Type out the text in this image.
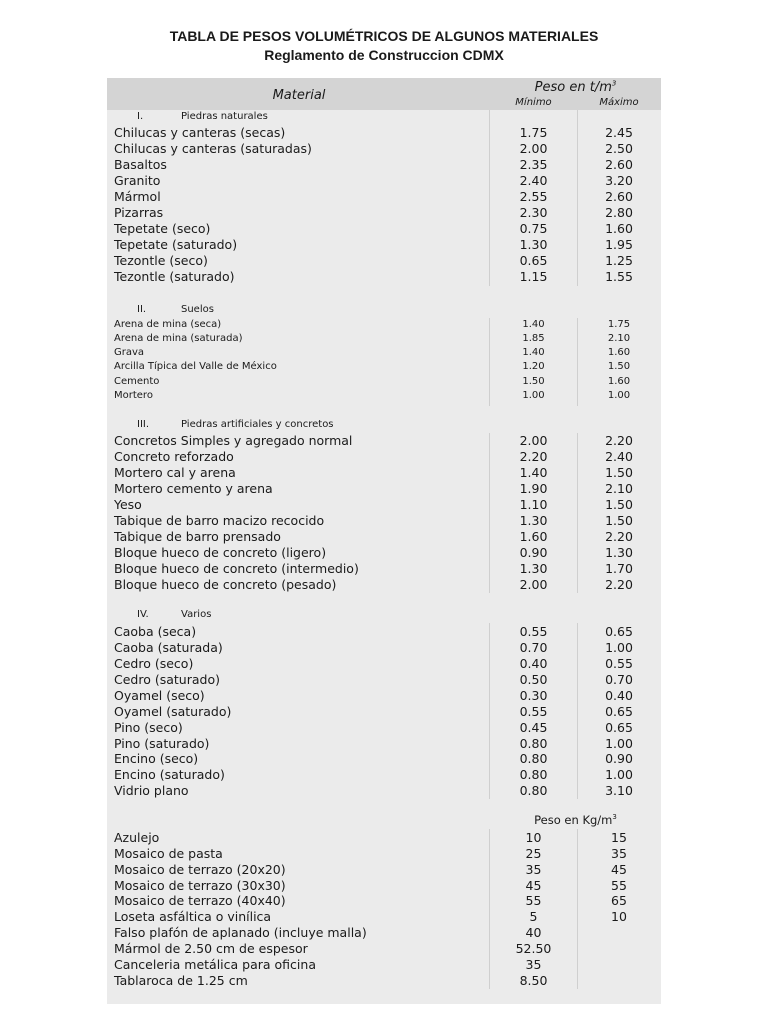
TABLA DE PESOS VOLUMÉTRICOS DE ALGUNOS MATERIALES
Reglamento de Construccion CDMX
Material
Peso en $t/m^3$
Mínimo	Máximo
I.	Piedras naturales
Chilucas y canteras (secas)	1.75	2.45
Chilucas y canteras (saturadas)	2.00	2.50
Basaltos	2.35	2.60
Granito	2.40	3.20
Mármol	2.55	2.60
Pizarras	2.30	2.80
Tepetate (seco)	0.75	1.60
Tepetate (saturado)	1.30	1.95
Tezontle (seco)	0.65	1.25
Tezontle (saturado)	1.15	1.55
II.	Suelos
Arena de mina (seca)	1.40	1.75
Arena de mina (saturada)	1.85	2.10
Grava	1.40	1.60
Arcilla Típica del Valle de México	1.20	1.50
Cemento	1.50	1.60
Mortero	1.00	1.00
III.	Piedras artificiales y concretos
Concretos Simples y agregado normal	2.00	2.20
Concreto reforzado	2.20	2.40
Mortero cal y arena	1.40	1.50
Mortero cemento y arena	1.90	2.10
Yeso	1.10	1.50
Tabique de barro macizo recocido	1.30	1.50
Tabique de barro prensado	1.60	2.20
Bloque hueco de concreto (ligero)	0.90	1.30
Bloque hueco de concreto (intermedio)	1.30	1.70
Bloque hueco de concreto (pesado)	2.00	2.20
IV.	Varios
Caoba (seca)	0.55	0.65
Caoba (saturada)	0.70	1.00
Cedro (seco)	0.40	0.55
Cedro (saturado)	0.50	0.70
Oyamel (seco)	0.30	0.40
Oyamel (saturado)	0.55	0.65
Pino (seco)	0.45	0.65
Pino (saturado)	0.80	1.00
Encino (seco)	0.80	0.90
Encino (saturado)	0.80	1.00
Vidrio plano	0.80	3.10
Peso en $Kg/m^3$
Azulejo	10	15
Mosaico de pasta	25	35
Mosaico de terrazo (20x20)	35	45
Mosaico de terrazo (30x30)	45	55
Mosaico de terrazo (40x40)	55	65
Loseta asfáltica o vinílica	5	10
Falso plafón de aplanado (incluye malla)	40
Mármol de 2.50 cm de espesor	52.50
Canceleria metálica para oficina	35
Tablaroca de 1.25 cm	8.50
